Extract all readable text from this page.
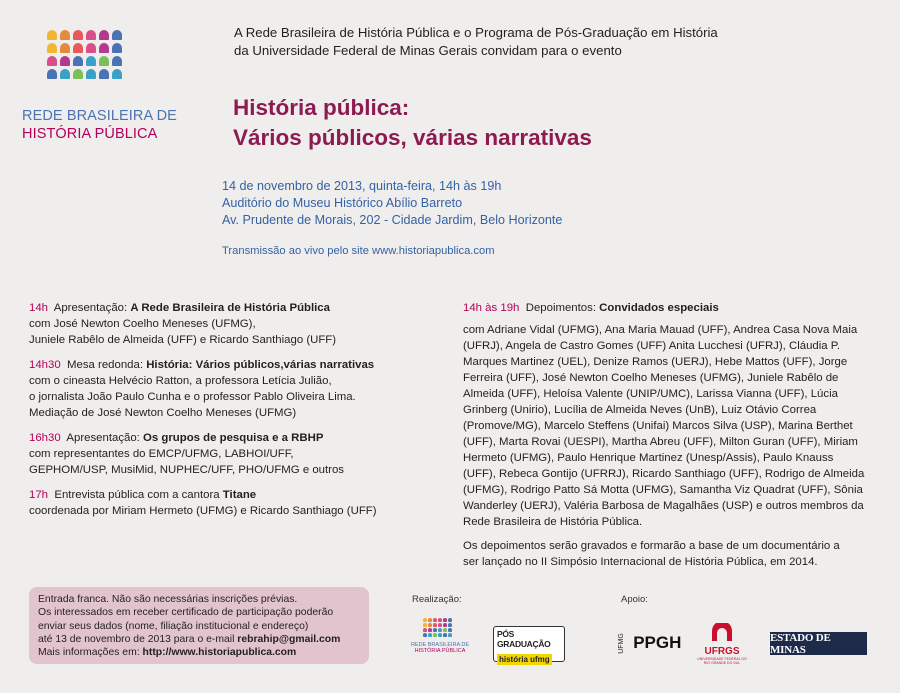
REDE BRASILEIRA DE
HISTÓRIA PÚBLICA
A Rede Brasileira de História Pública e o Programa de Pós-Graduação em História
da Universidade Federal de Minas Gerais convidam para o evento
História pública:
Vários públicos, várias narrativas
14 de novembro de 2013, quinta-feira, 14h às 19h
Auditório do Museu Histórico Abílio Barreto
Av. Prudente de Morais, 202 - Cidade Jardim, Belo Horizonte
Transmissão ao vivo pelo site www.historiapublica.com
14h Apresentação: A Rede Brasileira de História Pública
com José Newton Coelho Meneses (UFMG),
Juniele Rabêlo de Almeida (UFF) e Ricardo Santhiago (UFF)
14h30 Mesa redonda: História: Vários públicos,várias narrativas
com o cineasta Helvécio Ratton, a professora Letícia Julião,
o jornalista João Paulo Cunha e o professor Pablo Oliveira Lima.
Mediação de José Newton Coelho Meneses (UFMG)
16h30 Apresentação: Os grupos de pesquisa e a RBHP
com representantes do EMCP/UFMG, LABHOI/UFF,
GEPHOM/USP, MusiMid, NUPHEC/UFF, PHO/UFMG e outros
17h Entrevista pública com a cantora Titane
coordenada por Miriam Hermeto (UFMG) e Ricardo Santhiago (UFF)
14h às 19h Depoimentos: Convidados especiais
com Adriane Vidal (UFMG), Ana Maria Mauad (UFF), Andrea Casa Nova Maia
(UFRJ), Angela de Castro Gomes (UFF) Anita Lucchesi (UFRJ), Cláudia P.
Marques Martinez (UEL), Denize Ramos (UERJ), Hebe Mattos (UFF), Jorge
Ferreira (UFF), José Newton Coelho Meneses (UFMG), Juniele Rabêlo de
Almeida (UFF), Heloísa Valente (UNIP/UMC), Larissa Vianna (UFF), Lúcia
Grinberg (Unirio), Lucília de Almeida Neves (UnB), Luiz Otávio Correa
(Promove/MG), Marcelo Steffens (Unifai) Marcos Silva (USP), Marina Berthet
(UFF), Marta Rovai (UESPI), Martha Abreu (UFF), Milton Guran (UFF), Miriam
Hermeto (UFMG), Paulo Henrique Martinez (Unesp/Assis), Paulo Knauss
(UFF), Rebeca Gontijo (UFRRJ), Ricardo Santhiago (UFF), Rodrigo de Almeida
(UFMG), Rodrigo Patto Sá Motta (UFMG), Samantha Viz Quadrat (UFF), Sônia
Wanderley (UERJ), Valéria Barbosa de Magalhães (USP) e outros membros da
Rede Brasileira de História Pública.
Os depoimentos serão gravados e formarão a base de um documentário a
ser lançado no II Simpósio Internacional de História Pública, em 2014.
Entrada franca. Não são necessárias inscrições prévias.
Os interessados em receber certificado de participação poderão
enviar seus dados (nome, filiação institucional e endereço)
até 13 de novembro de 2013 para o e-mail rebrahip@gmail.com
Mais informações em: http://www.historiapublica.com
Realização:	Apoio:
REDE BRASILEIRA DE
HISTÓRIA PÚBLICA
PÓS GRADUAÇÃO
história ufmg
UFMG PPGH	UFRGS
UNIVERSIDADE FEDERAL DO RIO GRANDE DO SUL
ESTADO DE MINAS
